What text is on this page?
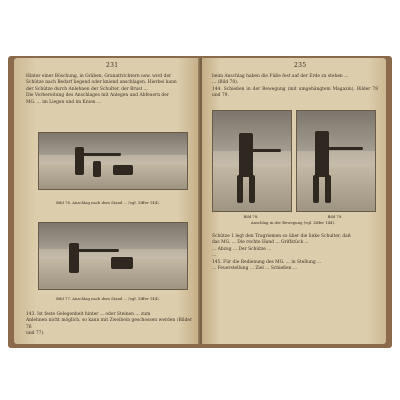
231
Hinter einer Böschung, in Gräben, Granattrichtern usw. wird der
Schütze nach Bedarf liegend oder kniend anschlagen. Hierbei kann
der Schütze durch Anlehnen der Schulter, der Brust ...
Die Vorbereitung des Anschlages mit Anlegen und Abfeuern der
MG. ... im Liegen und im Knien ...
Bild 76. Anschlag nach dem Stand ... (vgl. Ziffer 144).
Bild 77. Anschlag nach dem Stand ... (vgl. Ziffer 144).
143. Ist feste Gelegenheit hinter ... oder Steinen ... zum
Anlehnen nicht möglich, so kann mit Zweibein geschossen werden (Bilder 76
und 77).
235
beim Anschlag haben die Füße fest auf der Erde zu stehen ...
... (Bild 78).
144. Schießen in der Bewegung (mit umgehängtem Magazin). Bilder 78 und 79.
Bild 78.	Bild 79.
Anschlag in der Bewegung (vgl. Ziffer 144).
Schütze 1 legt den Tragriemen so über die linke Schulter, daß
das MG. ... Die rechte Hand ... Griffstück ...
... Abzug ... Der Schütze ...
...
145. Für die Bedienung des MG. ... in Stellung ...
... Feuerstellung ... Ziel ... Schießen ...
